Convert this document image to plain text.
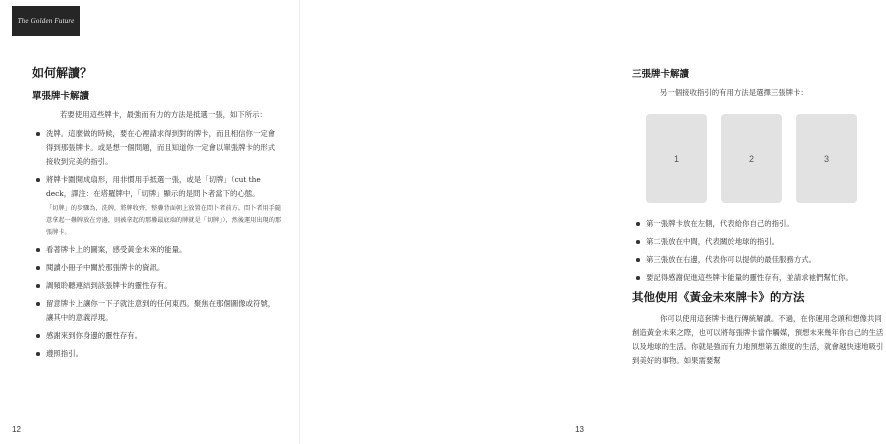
The Golden Future
如何解讀？
單張牌卡解讀

若要使用這些牌卡，最強而有力的方法是抵選一張，如下所示：

洗牌。這麼做的時候，要在心裡請求得到對的牌卡，而且相信你一定會得到那張牌卡。或是想一個問題，而且知道你一定會以單張牌卡的形式接收到完美的指引。
將牌卡圍開成扇形，用非慣用手抵選一張，或是「切牌」（cut the deck，譯注：在塔羅牌中，「切牌」顯示的是問卜者當下的心態。
「切牌」的步驟為，洗牌，將牌收齊，整疊背面朝上放置在問卜者前方。問卜者用手隨意拿起一疊牌放在旁邊，則被拿起的那疊最底端的牌就是「切牌」），然後運用出現的那張牌卡。
看著牌卡上的圖案，感受黃金未來的能量。
閱讀小冊子中關於那張牌卡的資訊。
調頻聆聽連結到該張牌卡的靈性存有。
留意牌卡上讓你一下子就注意到的任何東西。聚焦在那個圖像或符號，讓其中的意義浮現。
感謝來到你身邊的靈性存有。
遵照指引。
12
三張牌卡解讀

另一個接收指引的有用方法是選擇三張牌卡：

1	2	3
第一張牌卡放在左側，代表給你自己的指引。
第二張放在中間，代表關於地球的指引。
第三張放在右邊，代表你可以提供的最佳服務方式。
要記得感謝促進這些牌卡能量的靈性存有，並請求祂們幫忙你。
其他使用《黃金未來牌卡》的方法

你可以使用這套牌卡進行傳統解讀。不過，在你運用念頭和想像共同創造黃金未來之際，也可以將每張牌卡當作觸媒，預想未來幾年你自己的生活以及地球的生活。你就是強而有力地預想第五維度的生活，就會越快速地吸引到美好的事物。如果需要幫

13
